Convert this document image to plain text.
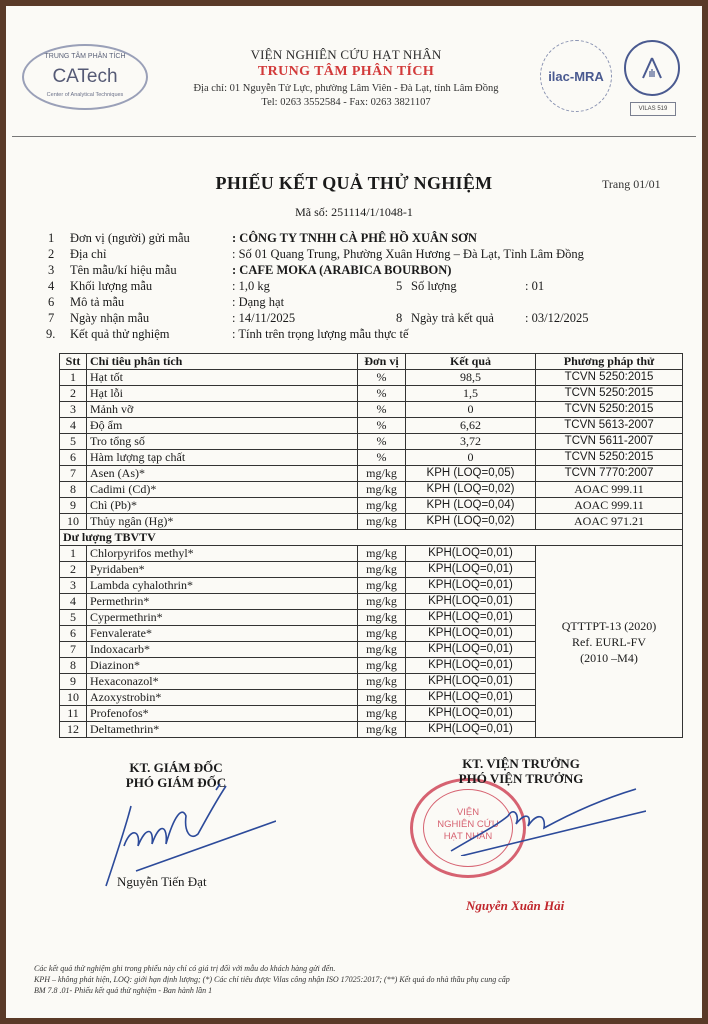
TRUNG TÂM PHÂN TÍCH
CATech
Center of Analytical Techniques
VIỆN NGHIÊN CỨU HẠT NHÂN
TRUNG TÂM PHÂN TÍCH
Địa chỉ: 01 Nguyễn Tử Lực, phường Lâm Viên - Đà Lạt, tỉnh Lâm Đồng
Tel: 0263 3552584 - Fax: 0263 3821107
ilac-MRA
VILAS 519
PHIẾU KẾT QUẢ THỬ NGHIỆM	Trang 01/01
Mã số: 251114/1/1048-1
1 Đơn vị (người) gửi mẫu	: CÔNG TY TNHH CÀ PHÊ HỒ XUÂN SƠN
2 Địa chỉ	: Số 01 Quang Trung, Phường Xuân Hương – Đà Lạt, Tỉnh Lâm Đồng
3 Tên mẫu/kí hiệu mẫu	: CAFE MOKA (ARABICA BOURBON)
4 Khối lượng mẫu	: 1,0 kg	5 Số lượng	: 01
6 Mô tả mẫu	: Dạng hạt
7 Ngày nhận mẫu	: 14/11/2025	8 Ngày trả kết quả : 03/12/2025
9. Kết quả thử nghiệm	: Tính trên trọng lượng mẫu thực tế
Stt	Chỉ tiêu phân tích	Đơn vị	Kết quả	Phương pháp thử
1	Hạt tốt	%	98,5	TCVN 5250:2015
2	Hạt lỗi	%	1,5	TCVN 5250:2015
3	Mảnh vỡ	%	0	TCVN 5250:2015
4	Độ ẩm	%	6,62	TCVN 5613-2007
5	Tro tổng số	%	3,72	TCVN 5611-2007
6	Hàm lượng tạp chất	%	0	TCVN 5250:2015
7	Asen (As)*	mg/kg	KPH (LOQ=0,05)	TCVN 7770:2007
8	Cadimi (Cd)*	mg/kg	KPH (LOQ=0,02)	AOAC 999.11
9	Chì (Pb)*	mg/kg	KPH (LOQ=0,04)	AOAC 999.11
10	Thủy ngân (Hg)*	mg/kg	KPH (LOQ=0,02)	AOAC 971.21
Dư lượng TBVTV				
1	Chlorpyrifos methyl*	mg/kg	KPH(LOQ=0,01)	QTTTPT-13 (2020)
Ref. EURL-FV
(2010 –M4)

2	Pyridaben*	mg/kg	KPH(LOQ=0,01)	
3	Lambda cyhalothrin*	mg/kg	KPH(LOQ=0,01)	
4	Permethrin*	mg/kg	KPH(LOQ=0,01)	
5	Cypermethrin*	mg/kg	KPH(LOQ=0,01)	
6	Fenvalerate*	mg/kg	KPH(LOQ=0,01)	
7	Indoxacarb*	mg/kg	KPH(LOQ=0,01)	
8	Diazinon*	mg/kg	KPH(LOQ=0,01)	
9	Hexaconazol*	mg/kg	KPH(LOQ=0,01)	
10	Azoxystrobin*	mg/kg	KPH(LOQ=0,01)	
11	Profenofos*	mg/kg	KPH(LOQ=0,01)	
12	Deltamethrin*	mg/kg	KPH(LOQ=0,01)	
KT. GIÁM ĐỐC
PHÓ GIÁM ĐỐC
Nguyễn Tiến Đạt
VIỆN
NGHIÊN CỨU
HẠT NHÂN
KT. VIỆN TRƯỞNG
PHÓ VIỆN TRƯỞNG
Nguyễn Xuân Hải
Các kết quả thử nghiệm ghi trong phiếu này chỉ có giá trị đối với mẫu do khách hàng gửi đến.
KPH – không phát hiện, LOQ: giới hạn định lượng; (*) Các chỉ tiêu được Vilas công nhận ISO 17025:2017; (**) Kết quả do nhà thầu phụ cung cấp
BM 7.8 .01- Phiếu kết quả thử nghiệm - Ban hành lần 1
